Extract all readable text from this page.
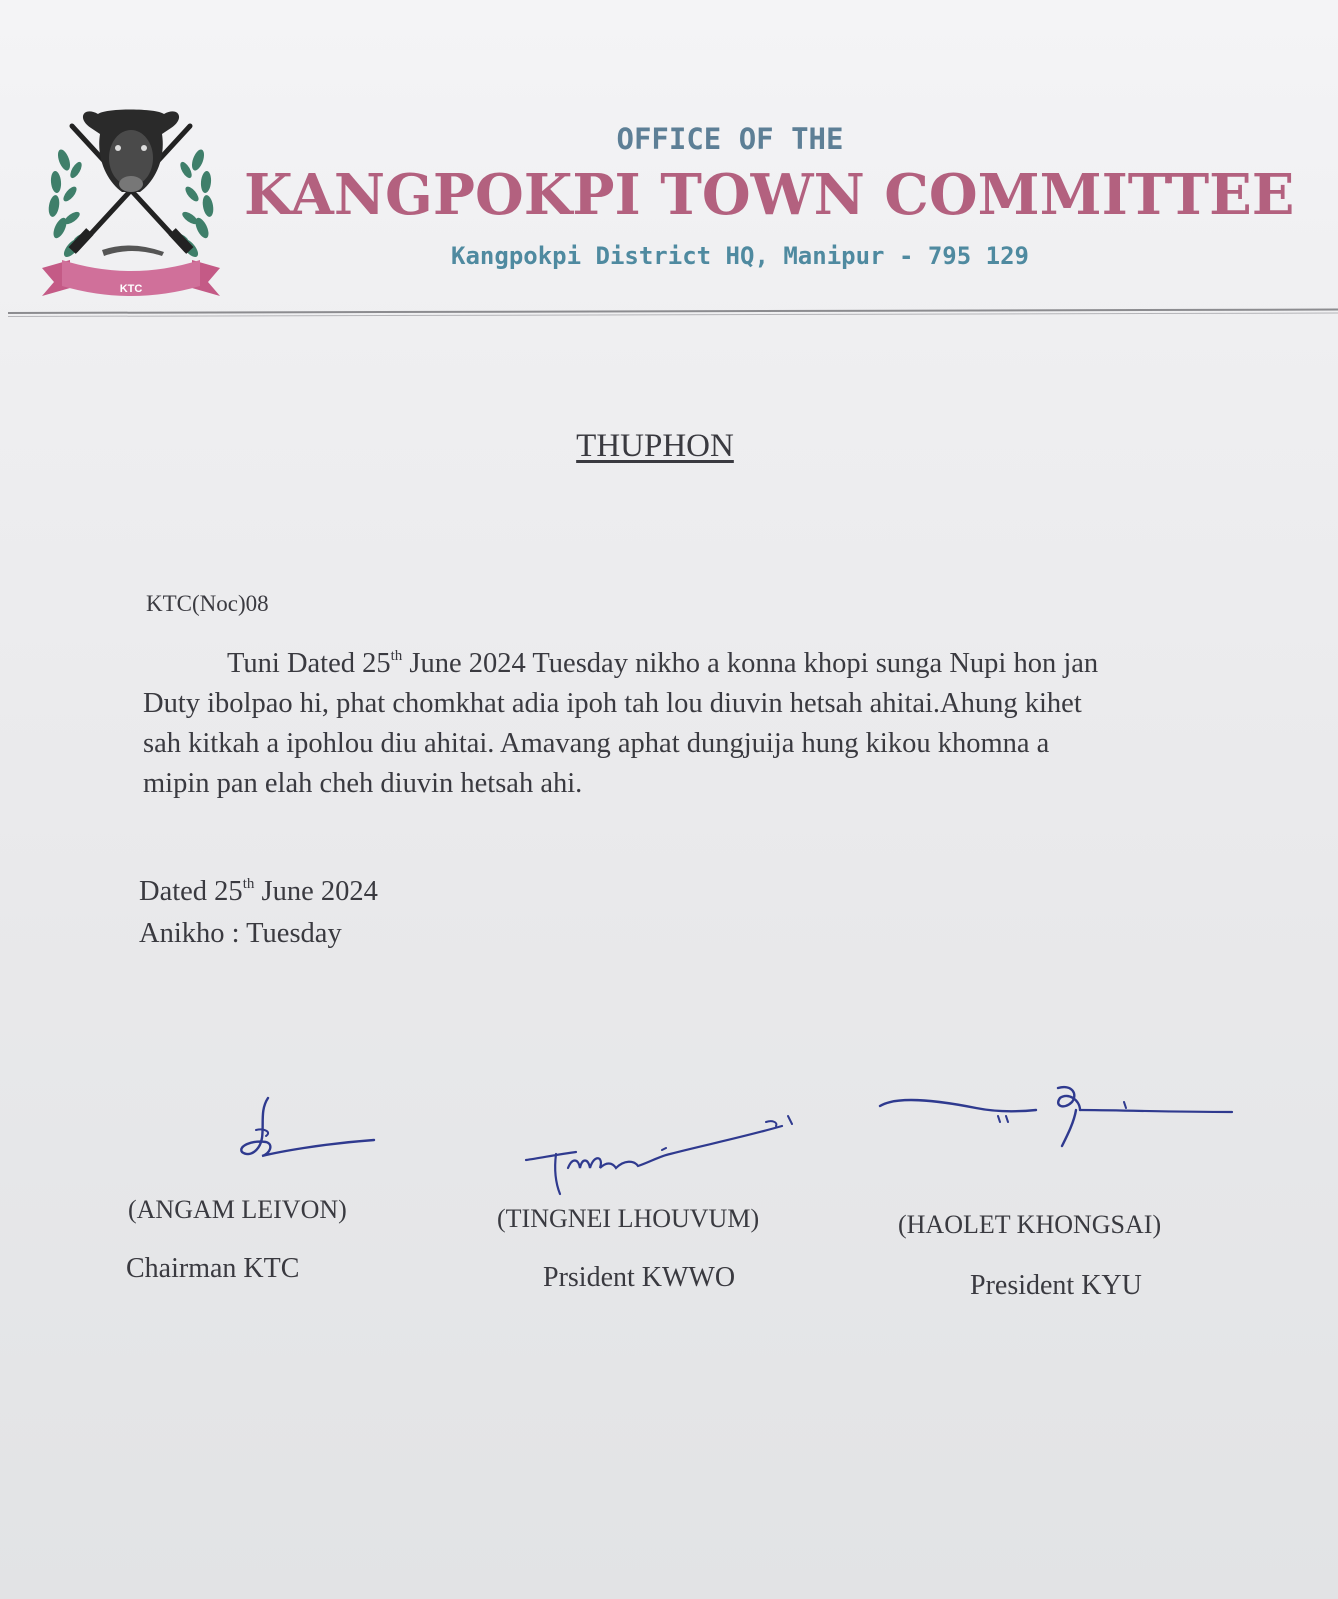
KTC
OFFICE OF THE
KANGPOKPI TOWN COMMITTEE
Kangpokpi District HQ, Manipur - 795 129
THUPHON
KTC(Noc)08
Tuni Dated 25th June 2024 Tuesday nikho a konna khopi sunga Nupi hon jan
Duty ibolpao hi, phat chomkhat adia ipoh tah lou diuvin hetsah ahitai.Ahung kihet
sah kitkah a ipohlou diu ahitai. Amavang aphat dungjuija hung kikou khomna a
mipin pan elah cheh diuvin hetsah ahi.
Dated 25th June 2024
Anikho : Tuesday
(ANGAM LEIVON)
Chairman KTC
(TINGNEI LHOUVUM)
Prsident KWWO
(HAOLET KHONGSAI)
President KYU
